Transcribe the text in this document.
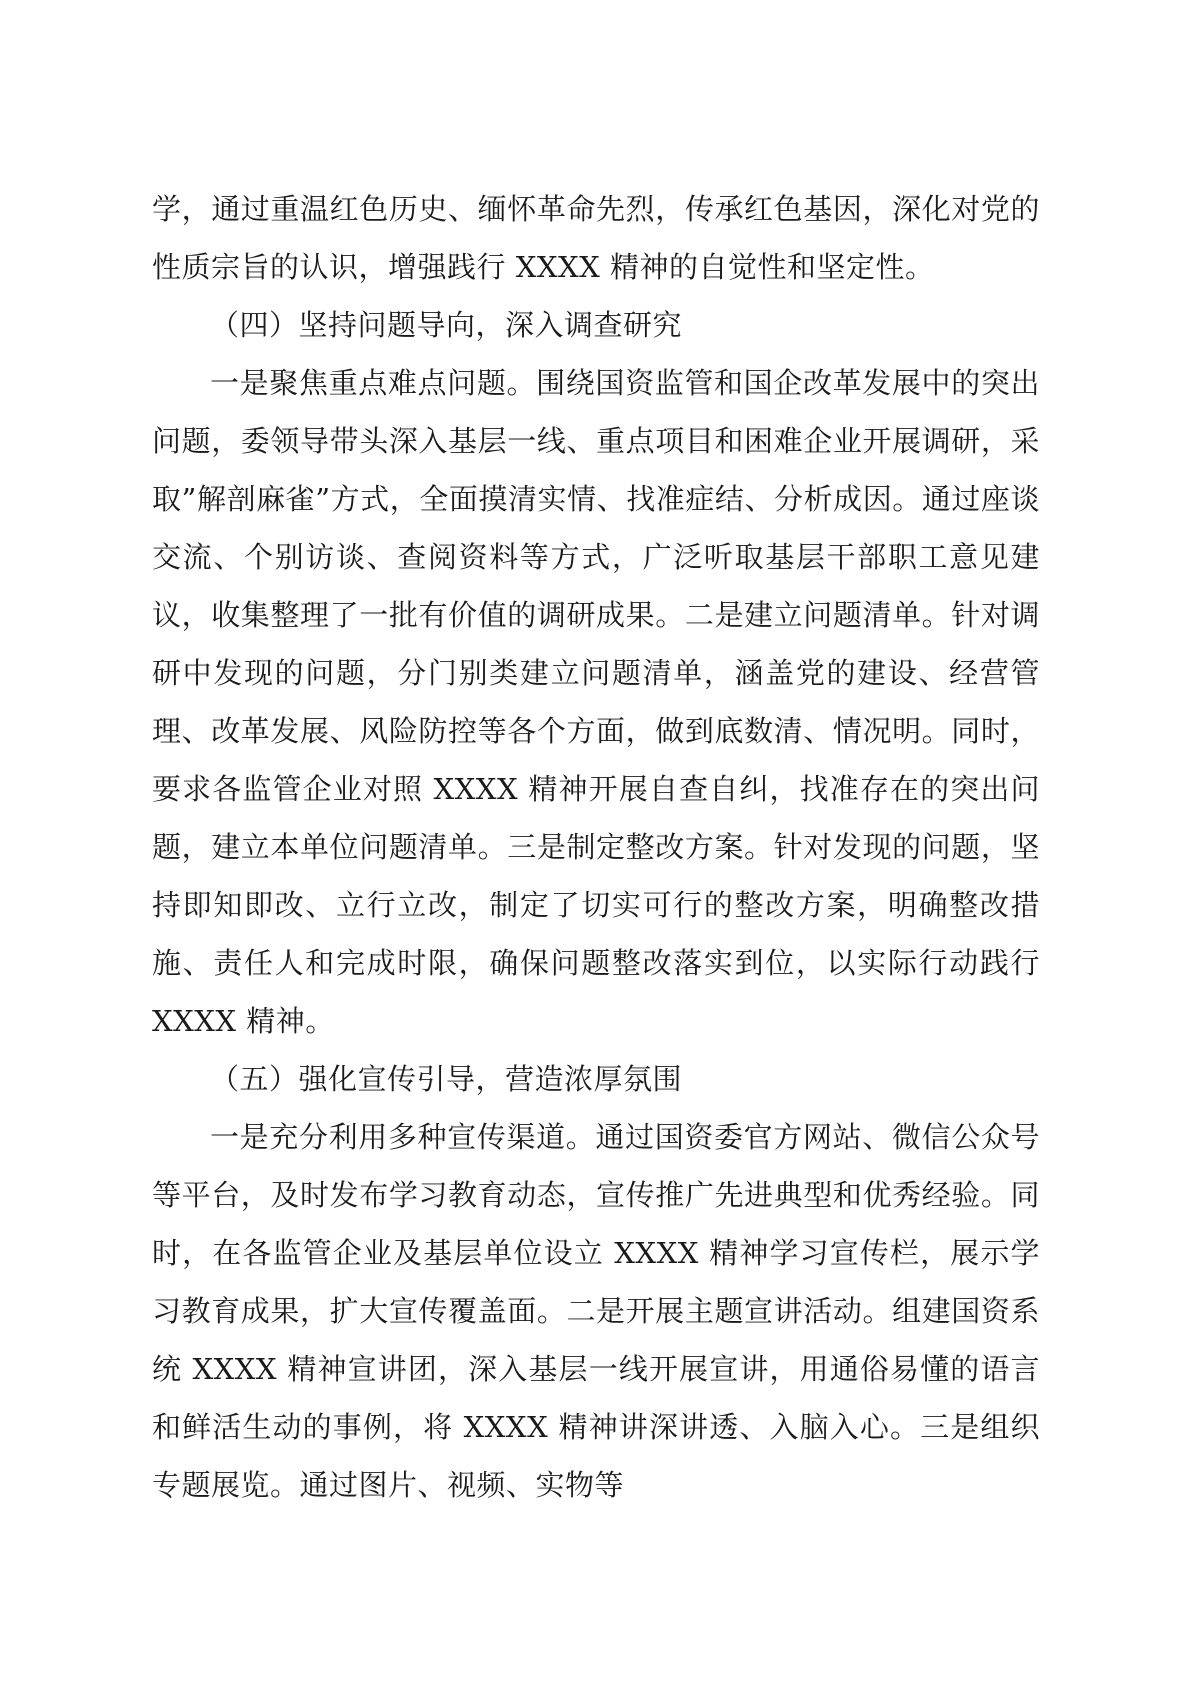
学，通过重温红色历史、缅怀革命先烈，传承红色基因，深化对党的性质宗旨的认识，增强践行 XXXX 精神的自觉性和坚定性。

（四）坚持问题导向，深入调查研究

一是聚焦重点难点问题。围绕国资监管和国企改革发展中的突出问题，委领导带头深入基层一线、重点项目和困难企业开展调研，采取”解剖麻雀”方式，全面摸清实情、找准症结、分析成因。通过座谈交流、个别访谈、查阅资料等方式，广泛听取基层干部职工意见建议，收集整理了一批有价值的调研成果。二是建立问题清单。针对调研中发现的问题，分门别类建立问题清单，涵盖党的建设、经营管理、改革发展、风险防控等各个方面，做到底数清、情况明。同时，要求各监管企业对照 XXXX 精神开展自查自纠，找准存在的突出问题，建立本单位问题清单。三是制定整改方案。针对发现的问题，坚持即知即改、立行立改，制定了切实可行的整改方案，明确整改措施、责任人和完成时限，确保问题整改落实到位，以实际行动践行 XXXX 精神。

（五）强化宣传引导，营造浓厚氛围

一是充分利用多种宣传渠道。通过国资委官方网站、微信公众号等平台，及时发布学习教育动态，宣传推广先进典型和优秀经验。同时，在各监管企业及基层单位设立 XXXX 精神学习宣传栏，展示学习教育成果，扩大宣传覆盖面。二是开展主题宣讲活动。组建国资系统 XXXX 精神宣讲团，深入基层一线开展宣讲，用通俗易懂的语言和鲜活生动的事例，将 XXXX 精神讲深讲透、入脑入心。三是组织专题展览。通过图片、视频、实物等
